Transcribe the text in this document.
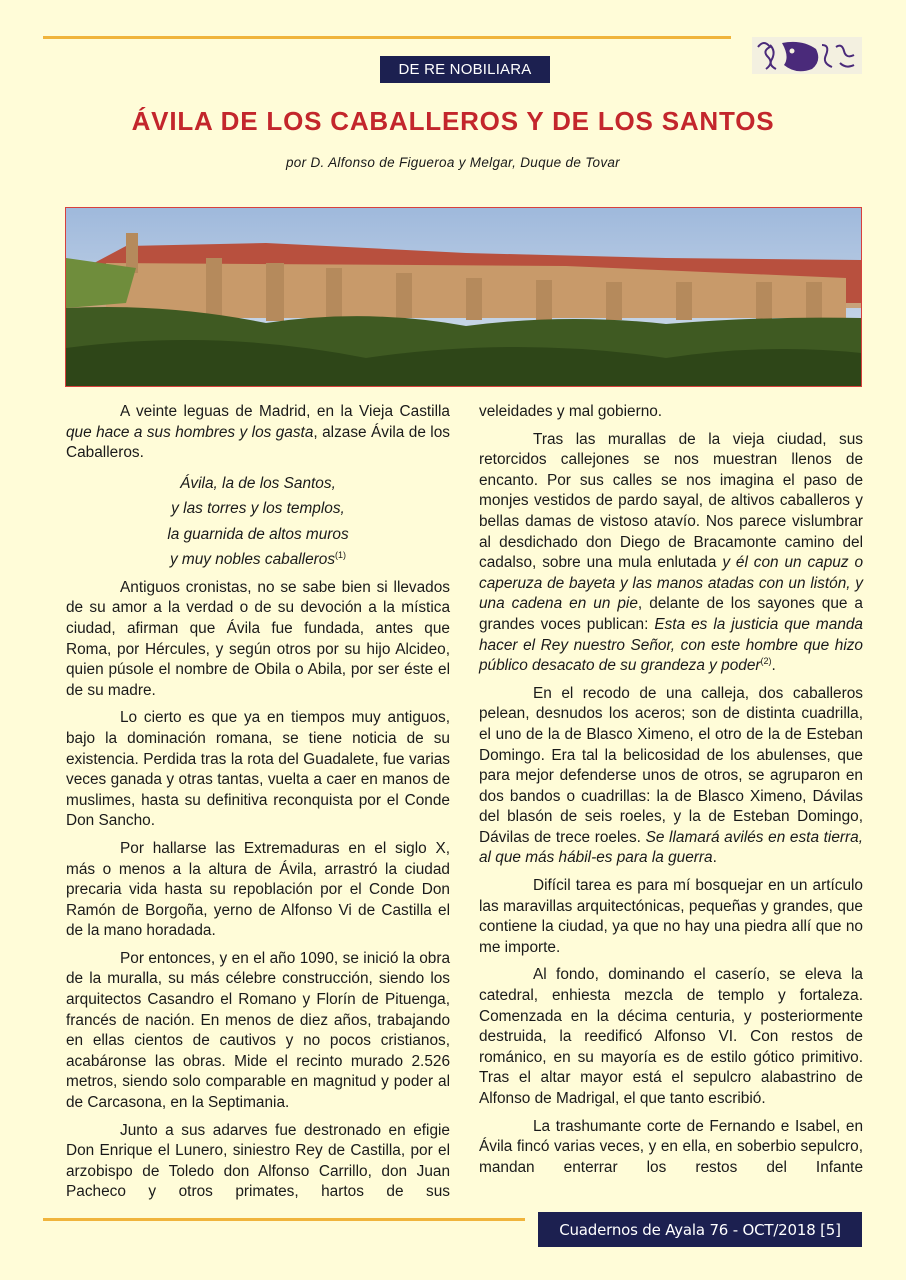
DE RE NOBILIARA
ÁVILA DE LOS CABALLEROS Y DE LOS SANTOS
por D. Alfonso de Figueroa y Melgar, Duque de Tovar

A veinte leguas de Madrid, en la Vieja Castilla que hace a sus hombres y los gasta, alzase Ávila de los Caballeros.

Ávila, la de los Santos,
y las torres y los templos,
la guarnida de altos muros
y muy nobles caballeros$^{(1)}$

Antiguos cronistas, no se sabe bien si llevados de su amor a la verdad o de su devoción a la mística ciudad, afirman que Ávila fue fundada, antes que Roma, por Hércules, y según otros por su hijo Alcideo, quien púsole el nombre de Obila o Abila, por ser éste el de su madre.

Lo cierto es que ya en tiempos muy antiguos, bajo la dominación romana, se tiene noticia de su existencia. Perdida tras la rota del Guadalete, fue varias veces ganada y otras tantas, vuelta a caer en manos de muslimes, hasta su definitiva reconquista por el Conde Don Sancho.

Por hallarse las Extremaduras en el siglo X, más o menos a la altura de Ávila, arrastró la ciudad precaria vida hasta su repoblación por el Conde Don Ramón de Borgoña, yerno de Alfonso Vi de Castilla el de la mano horadada.

Por entonces, y en el año 1090, se inició la obra de la muralla, su más célebre construcción, siendo los arquitectos Casandro el Romano y Florín de Pituenga, francés de nación. En menos de diez años, trabajando en ellas cientos de cautivos y no pocos cristianos, acabáronse las obras. Mide el recinto murado 2.526 metros, siendo solo comparable en magnitud y poder al de Carcasona, en la Septimania.

Junto a sus adarves fue destronado en efigie Don Enrique el Lunero, siniestro Rey de Castilla, por el arzobispo de Toledo don Alfonso Carrillo, don Juan Pacheco y otros primates, hartos de sus

veleidades y mal gobierno.

Tras las murallas de la vieja ciudad, sus retorcidos callejones se nos muestran llenos de encanto. Por sus calles se nos imagina el paso de monjes vestidos de pardo sayal, de altivos caballeros y bellas damas de vistoso atavío. Nos parece vislumbrar al desdichado don Diego de Bracamonte camino del cadalso, sobre una mula enlutada y él con un capuz o caperuza de bayeta y las manos atadas con un listón, y una cadena en un pie, delante de los sayones que a grandes voces publican: Esta es la justicia que manda hacer el Rey nuestro Señor, con este hombre que hizo público desacato de su grandeza y poder$^{(2)}$.

En el recodo de una calleja, dos caballeros pelean, desnudos los aceros; son de distinta cuadrilla, el uno de la de Blasco Ximeno, el otro de la de Esteban Domingo. Era tal la belicosidad de los abulenses, que para mejor defenderse unos de otros, se agruparon en dos bandos o cuadrillas: la de Blasco Ximeno, Dávilas del blasón de seis roeles, y la de Esteban Domingo, Dávilas de trece roeles. Se llamará avilés en esta tierra, al que más hábil-es para la guerra.

Difícil tarea es para mí bosquejar en un artículo las maravillas arquitectónicas, pequeñas y grandes, que contiene la ciudad, ya que no hay una piedra allí que no me importe.

Al fondo, dominando el caserío, se eleva la catedral, enhiesta mezcla de templo y fortaleza. Comenzada en la décima centuria, y posteriormente destruida, la reedificó Alfonso VI. Con restos de románico, en su mayoría es de estilo gótico primitivo. Tras el altar mayor está el sepulcro alabastrino de Alfonso de Madrigal, el que tanto escribió.

La trashumante corte de Fernando e Isabel, en Ávila fincó varias veces, y en ella, en soberbio sepulcro, mandan enterrar los restos del Infante

Cuadernos de Ayala 76 - OCT/2018 [5]
